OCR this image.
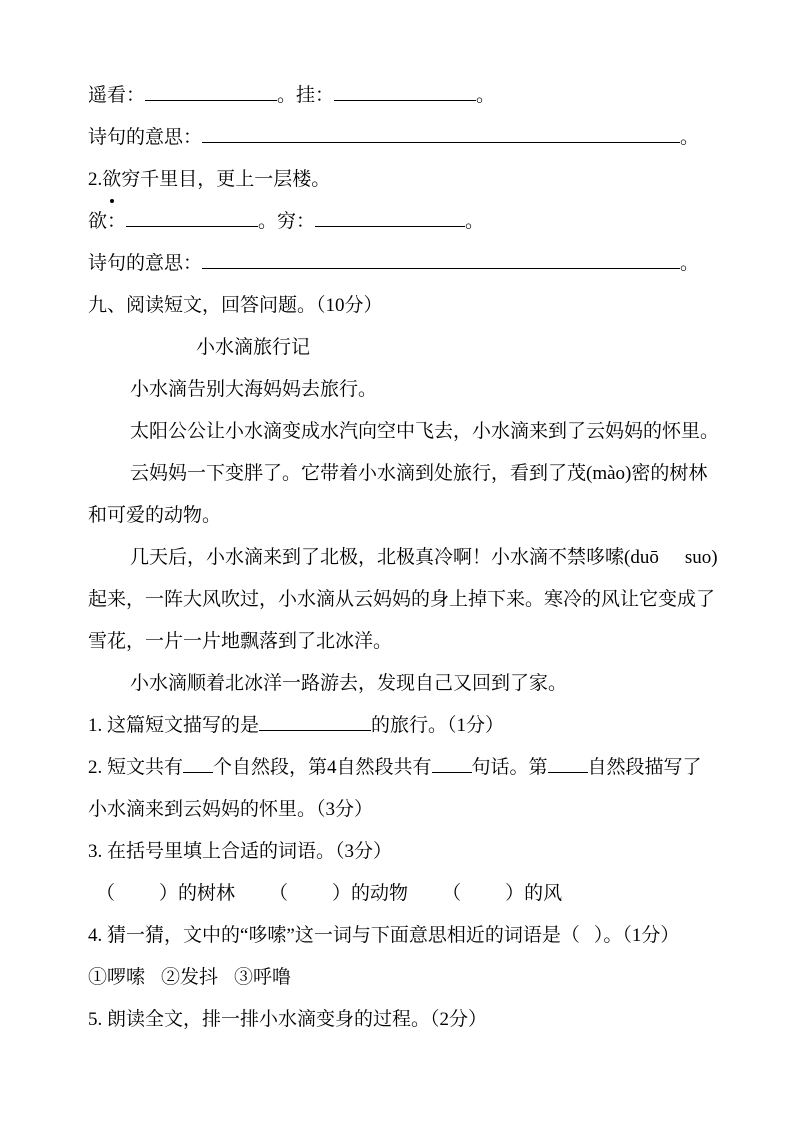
遥看：	。挂：	。

诗句的意思：	。

2.欲穷千里目，更上一层楼。

欲：	。穷：	。

诗句的意思：	。

九、阅读短文，回答问题。（10分）

小水滴旅行记

小水滴告别大海妈妈去旅行。

太阳公公让小水滴变成水汽向空中飞去，小水滴来到了云妈妈的怀里。

云妈妈一下变胖了。它带着小水滴到处旅行，看到了茂(mào)密的树林

和可爱的动物。

几天后，小水滴来到了北极，北极真冷啊！小水滴不禁哆嗦(duō suo)

起来，一阵大风吹过，小水滴从云妈妈的身上掉下来。寒冷的风让它变成了

雪花，一片一片地飘落到了北冰洋。

小水滴顺着北冰洋一路游去，发现自己又回到了家。

1. 这篇短文描写的是	的旅行。（1分）

2. 短文共有 个自然段，第4自然段共有 句话。第 自然段描写了

小水滴来到云妈妈的怀里。（3分）

3. 在括号里填上合适的词语。（3分）

（ ）的树林 （ ）的动物 （ ）的风

4. 猜一猜，文中的“哆嗦”这一词与下面意思相近的词语是（ ）。（1分）

①啰嗦 ②发抖 ③呼噜

5. 朗读全文，排一排小水滴变身的过程。（2分）
